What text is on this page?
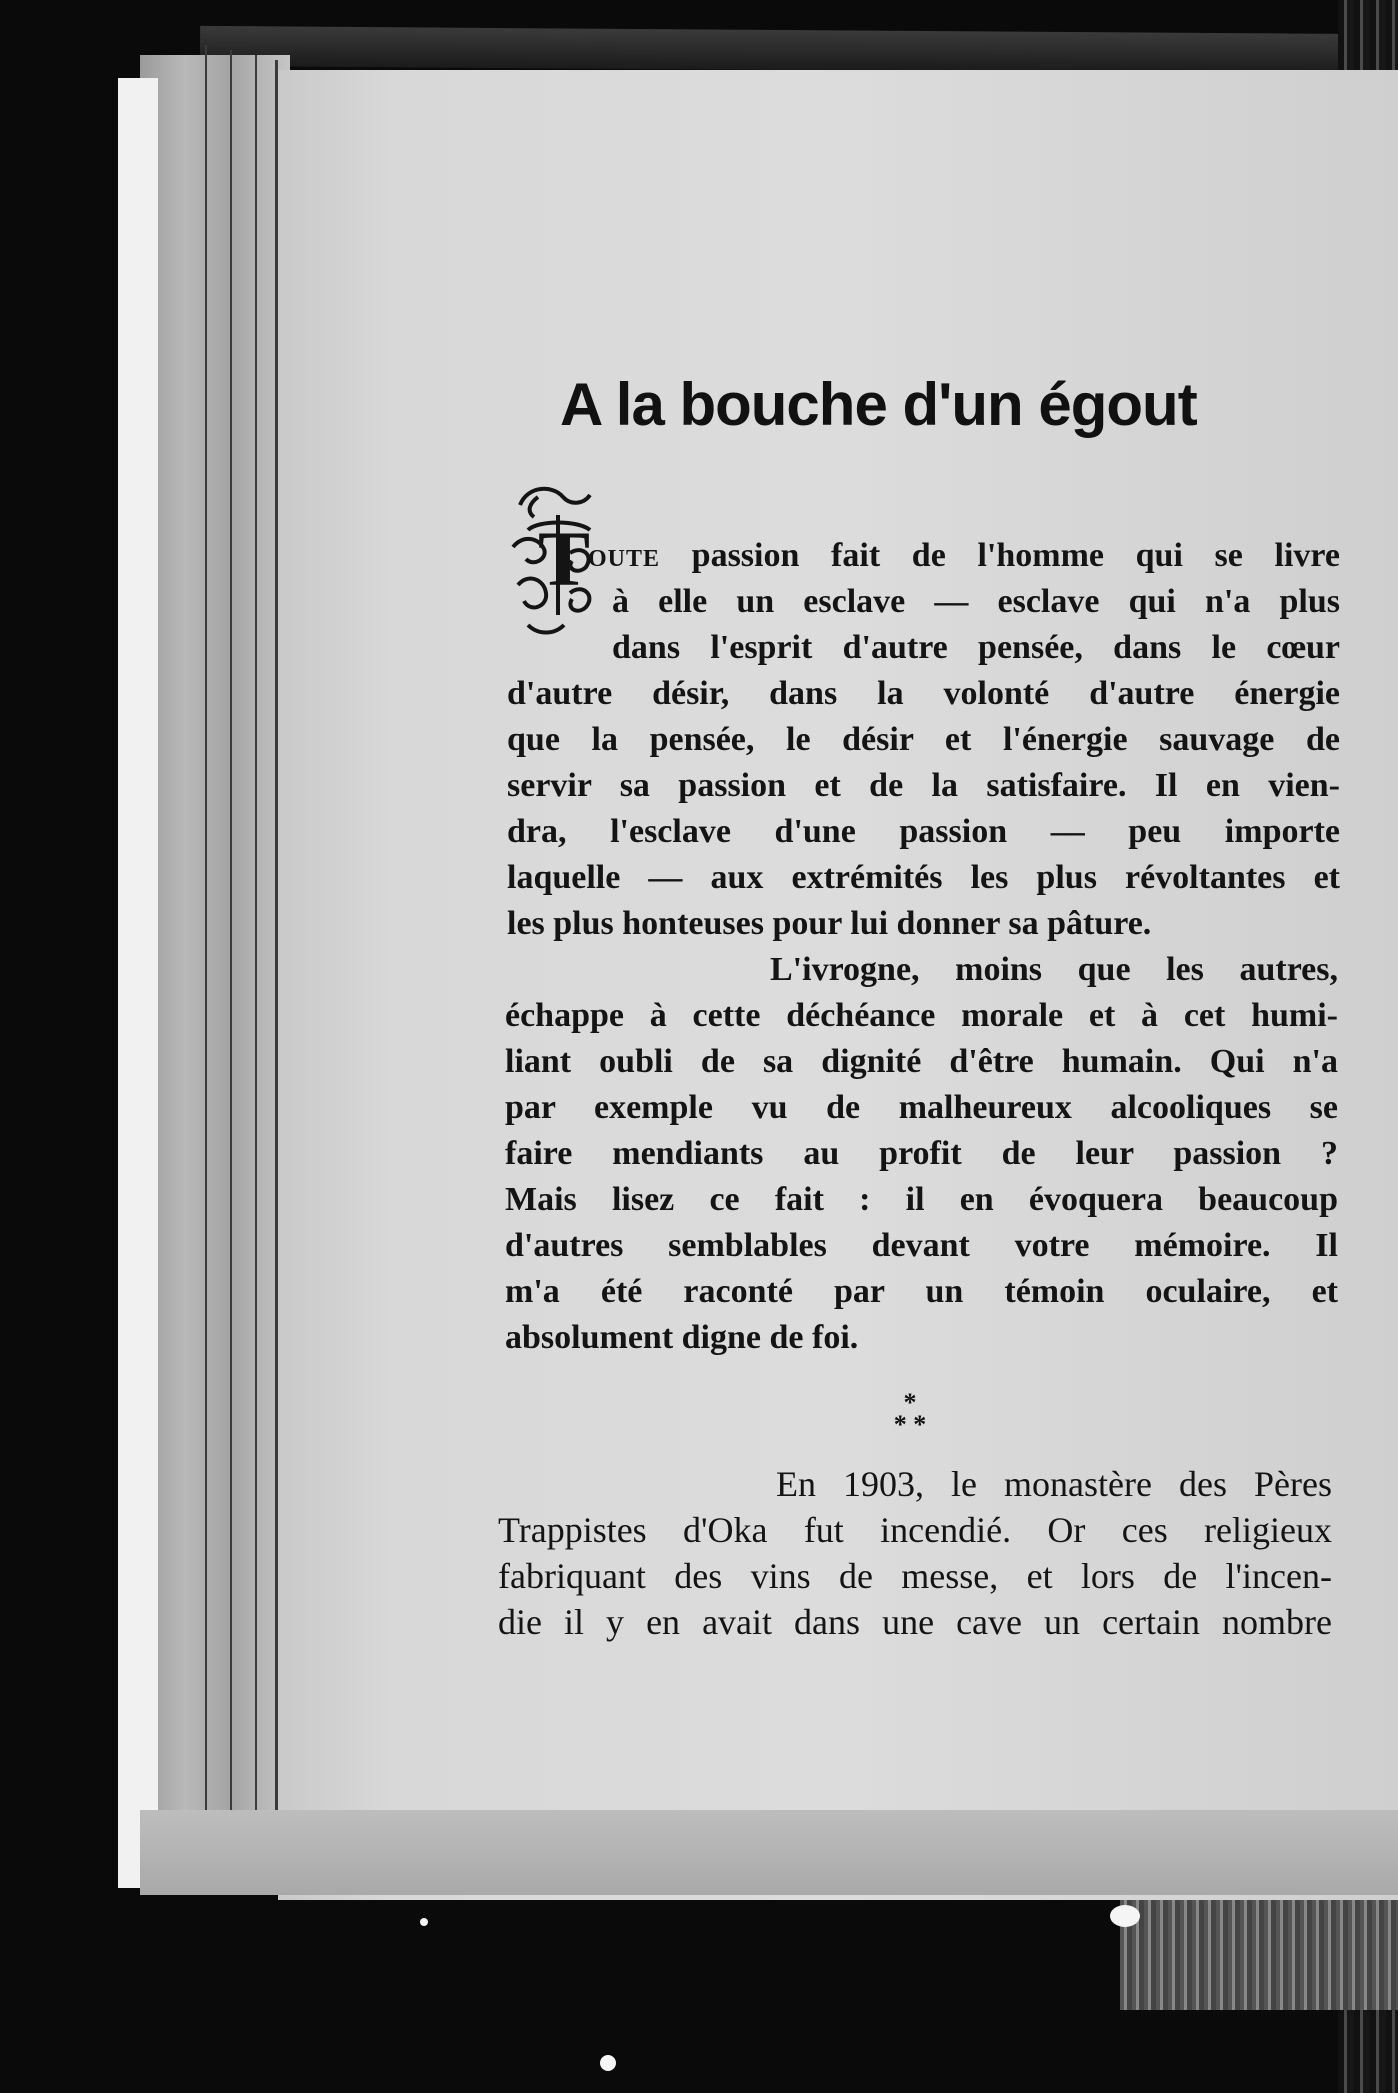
A la bouche d'un égout
T
oute passion fait de l'homme qui se livre
à elle un esclave — esclave qui n'a plus
dans l'esprit d'autre pensée, dans le cœur
d'autre désir, dans la volonté d'autre énergie
que la pensée, le désir et l'énergie sauvage de
servir sa passion et de la satisfaire. Il en vien-
dra, l'esclave d'une passion — peu importe
laquelle — aux extrémités les plus révoltantes et
les plus honteuses pour lui donner sa pâture.
L'ivrogne, moins que les autres,
échappe à cette déchéance morale et à cet humi-
liant oubli de sa dignité d'être humain. Qui n'a
par exemple vu de malheureux alcooliques se
faire mendiants au profit de leur passion ?
Mais lisez ce fait : il en évoquera beaucoup
d'autres semblables devant votre mémoire. Il
m'a été raconté par un témoin oculaire, et
absolument digne de foi.
*
* *
En 1903, le monastère des Pères
Trappistes d'Oka fut incendié. Or ces religieux
fabriquant des vins de messe, et lors de l'incen-
die il y en avait dans une cave un certain nombre
